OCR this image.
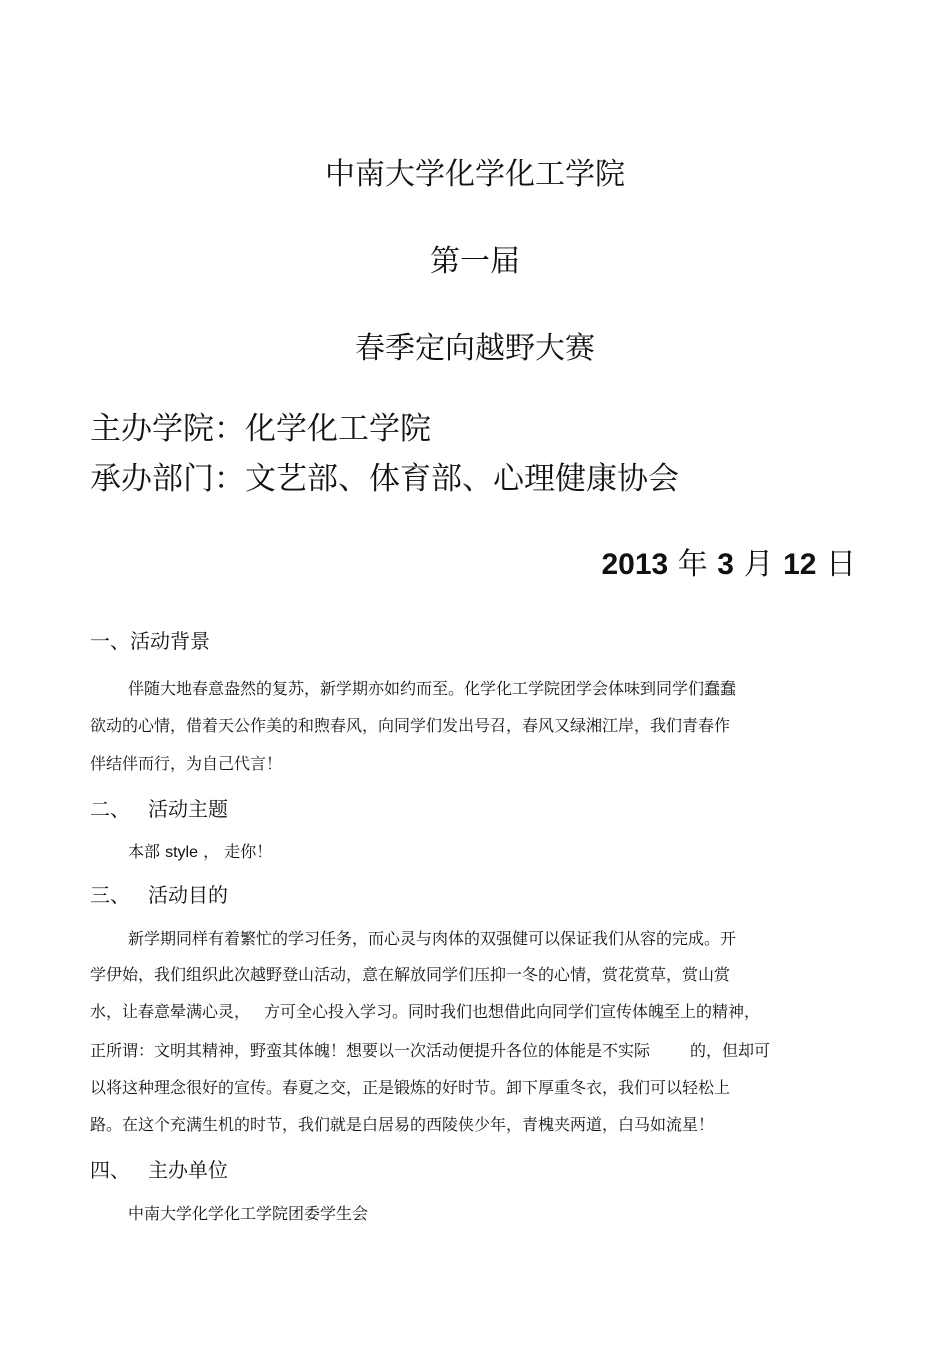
中南大学化学化工学院
第一届
春季定向越野大赛
主办学院：化学化工学院
承办部门：文艺部、体育部、心理健康协会
2013 年 3 月 12 日
一、活动背景
伴随大地春意盎然的复苏，新学期亦如约而至。化学化工学院团学会体味到同学们蠢蠢
欲动的心情，借着天公作美的和煦春风，向同学们发出号召，春风又绿湘江岸，我们青春作
伴结伴而行，为自己代言！
二、 活动主题
本部 style ， 走你！
三、 活动目的
新学期同样有着繁忙的学习任务，而心灵与肉体的双强健可以保证我们从容的完成。开
学伊始，我们组织此次越野登山活动，意在解放同学们压抑一冬的心情，赏花赏草，赏山赏
水，让春意晕满心灵， 方可全心投入学习。同时我们也想借此向同学们宣传体魄至上的精神，
正所谓：文明其精神，野蛮其体魄！想要以一次活动便提升各位的体能是不实际	的，但却可
以将这种理念很好的宣传。春夏之交，正是锻炼的好时节。卸下厚重冬衣，我们可以轻松上
路。在这个充满生机的时节，我们就是白居易的西陵侠少年，青槐夹两道，白马如流星！
四、 主办单位
中南大学化学化工学院团委学生会
